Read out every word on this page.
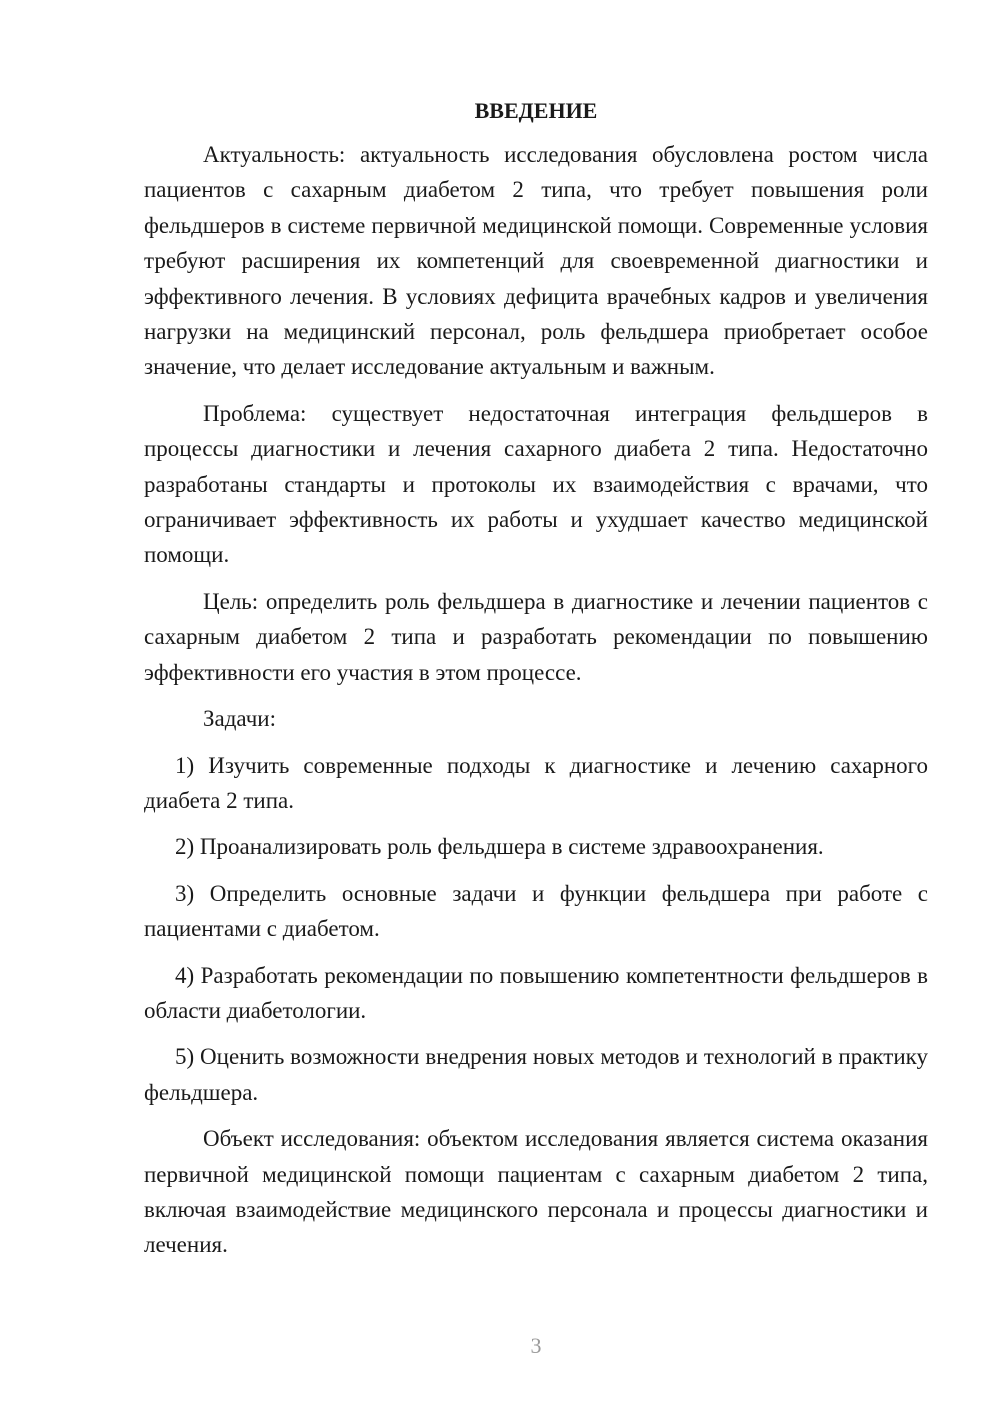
ВВЕДЕНИЕ

Актуальность: актуальность исследования обусловлена ростом числа пациентов с сахарным диабетом 2 типа, что требует повышения роли фельдшеров в системе первичной медицинской помощи. Современные условия требуют расширения их компетенций для своевременной диагностики и эффективного лечения. В условиях дефицита врачебных кадров и увеличения нагрузки на медицинский персонал, роль фельдшера приобретает особое значение, что делает исследование актуальным и важным.

Проблема: существует недостаточная интеграция фельдшеров в процессы диагностики и лечения сахарного диабета 2 типа. Недостаточно разработаны стандарты и протоколы их взаимодействия с врачами, что ограничивает эффективность их работы и ухудшает качество медицинской помощи.

Цель: определить роль фельдшера в диагностике и лечении пациентов с сахарным диабетом 2 типа и разработать рекомендации по повышению эффективности его участия в этом процессе.

Задачи:

1) Изучить современные подходы к диагностике и лечению сахарного диабета 2 типа.

2) Проанализировать роль фельдшера в системе здравоохранения.

3) Определить основные задачи и функции фельдшера при работе с пациентами с диабетом.

4) Разработать рекомендации по повышению компетентности фельдшеров в области диабетологии.

5) Оценить возможности внедрения новых методов и технологий в практику фельдшера.

Объект исследования: объектом исследования является система оказания первичной медицинской помощи пациентам с сахарным диабетом 2 типа, включая взаимодействие медицинского персонала и процессы диагностики и лечения.

3
